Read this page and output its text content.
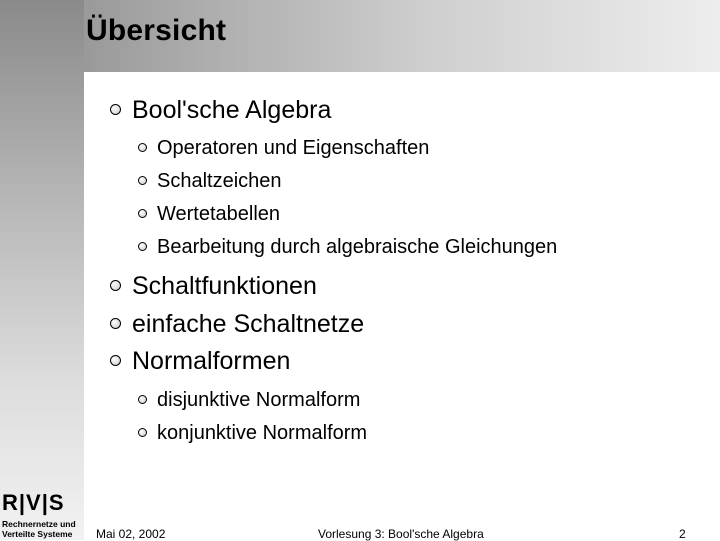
Übersicht
Bool'sche Algebra
Operatoren und Eigenschaften
Schaltzeichen
Wertetabellen
Bearbeitung durch algebraische Gleichungen
Schaltfunktionen
einfache Schaltnetze
Normalformen
disjunktive Normalform
konjunktive Normalform
R|V|S
Rechnernetze und
Verteilte Systeme Mai 02, 2002	Vorlesung 3: Bool'sche Algebra	2
